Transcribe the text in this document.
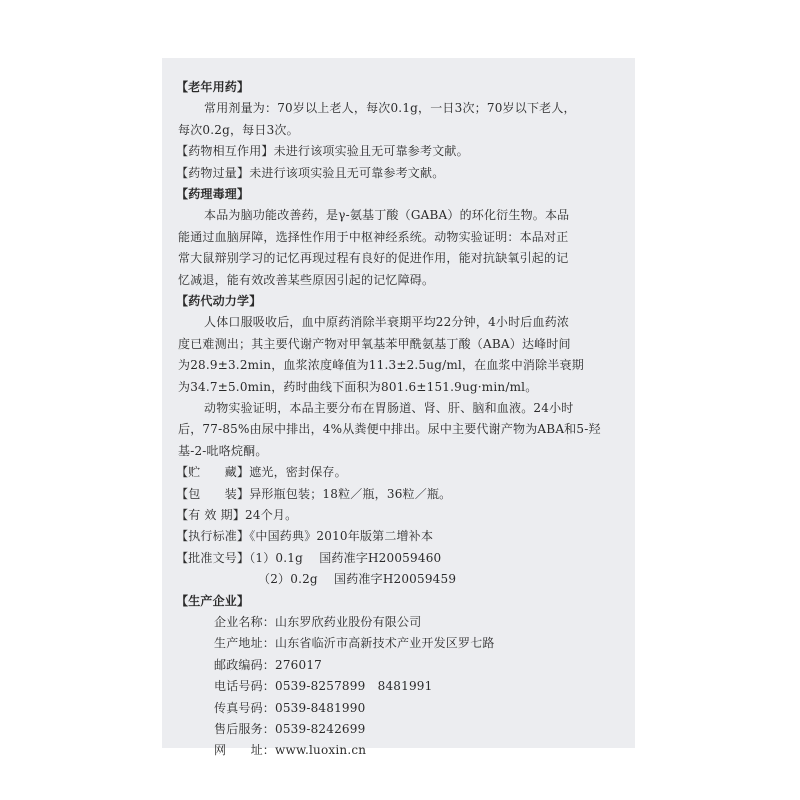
【老年用药】
常用剂量为：70岁以上老人，每次0.1g，一日3次；70岁以下老人，
每次0.2g，每日3次。
【药物相互作用】未进行该项实验且无可靠参考文献。
【药物过量】未进行该项实验且无可靠参考文献。
【药理毒理】
本品为脑功能改善药，是γ-氨基丁酸（GABA）的环化衍生物。本品
能通过血脑屏障，选择性作用于中枢神经系统。动物实验证明：本品对正
常大鼠辩别学习的记忆再现过程有良好的促进作用，能对抗缺氧引起的记
忆减退，能有效改善某些原因引起的记忆障碍。
【药代动力学】
人体口服吸收后，血中原药消除半衰期平均22分钟，4小时后血药浓
度已难测出；其主要代谢产物对甲氧基苯甲酰氨基丁酸（ABA）达峰时间
为28.9±3.2min，血浆浓度峰值为11.3±2.5ug/ml，在血浆中消除半衰期
为34.7±5.0min，药时曲线下面积为801.6±151.9ug·min/ml。
动物实验证明，本品主要分布在胃肠道、肾、肝、脑和血液。24小时
后，77-85%由尿中排出，4%从粪便中排出。尿中主要代谢产物为ABA和5-羟
基-2-吡咯烷酮。
【贮　　藏】遮光，密封保存。
【包　　装】异形瓶包装；18粒／瓶，36粒／瓶。
【有 效 期】24个月。
【执行标准】《中国药典》2010年版第二增补本
【批准文号】（1）0.1g　 国药准字H20059460
（2）0.2g　 国药准字H20059459
【生产企业】
企业名称：山东罗欣药业股份有限公司
生产地址：山东省临沂市高新技术产业开发区罗七路
邮政编码：276017
电话号码：0539-8257899　8481991
传真号码：0539-8481990
售后服务：0539-8242699
网　　址：www.luoxin.cn
